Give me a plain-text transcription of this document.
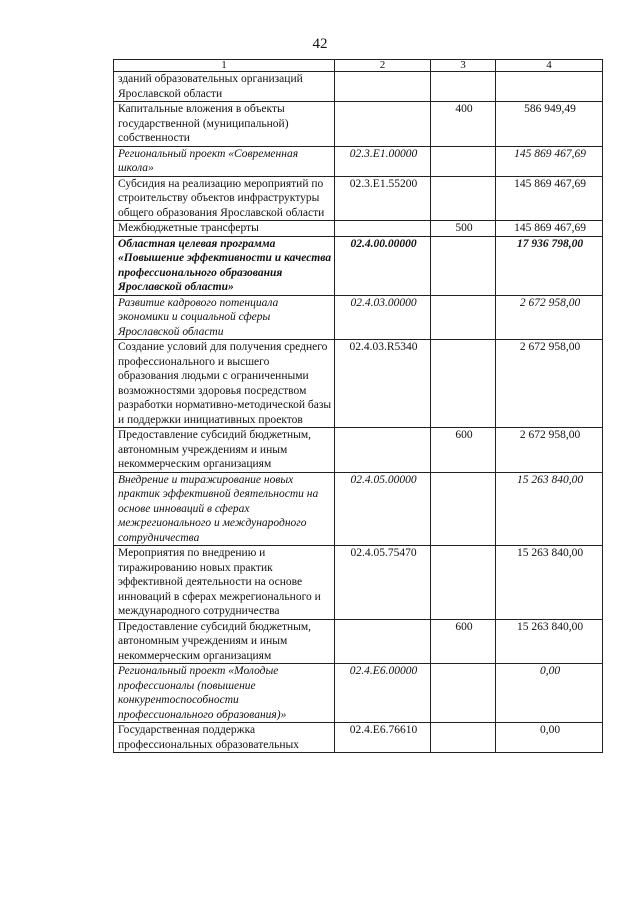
42
1	2	3	4
зданий образовательных организаций Ярославской области			
Капитальные вложения в объекты государственной (муниципальной) собственности		400	586 949,49
Региональный проект «Современная школа»	02.3.E1.00000		145 869 467,69
Субсидия на реализацию мероприятий по строительству объектов инфраструктуры общего образования Ярославской области	02.3.E1.55200		145 869 467,69
Межбюджетные трансферты		500	145 869 467,69
Областная целевая программа «Повышение эффективности и качества профессионального образования Ярославской области»	02.4.00.00000		17 936 798,00
Развитие кадрового потенциала экономики и социальной сферы Ярославской области	02.4.03.00000		2 672 958,00
Создание условий для получения среднего профессионального и высшего образования людьми с ограниченными возможностями здоровья посредством разработки нормативно-методической базы и поддержки инициативных проектов	02.4.03.R5340		2 672 958,00
Предоставление субсидий бюджетным, автономным учреждениям и иным некоммерческим организациям		600	2 672 958,00
Внедрение и тиражирование новых практик эффективной деятельности на основе инноваций в сферах межрегионального и международного сотрудничества	02.4.05.00000		15 263 840,00
Мероприятия по внедрению и тиражированию новых практик эффективной деятельности на основе инноваций в сферах межрегионального и международного сотрудничества	02.4.05.75470		15 263 840,00
Предоставление субсидий бюджетным, автономным учреждениям и иным некоммерческим организациям		600	15 263 840,00
Региональный проект «Молодые профессионалы (повышение конкурентоспособности профессионального образования)»	02.4.E6.00000		0,00
Государственная поддержка профессиональных образовательных	02.4.E6.76610		0,00
